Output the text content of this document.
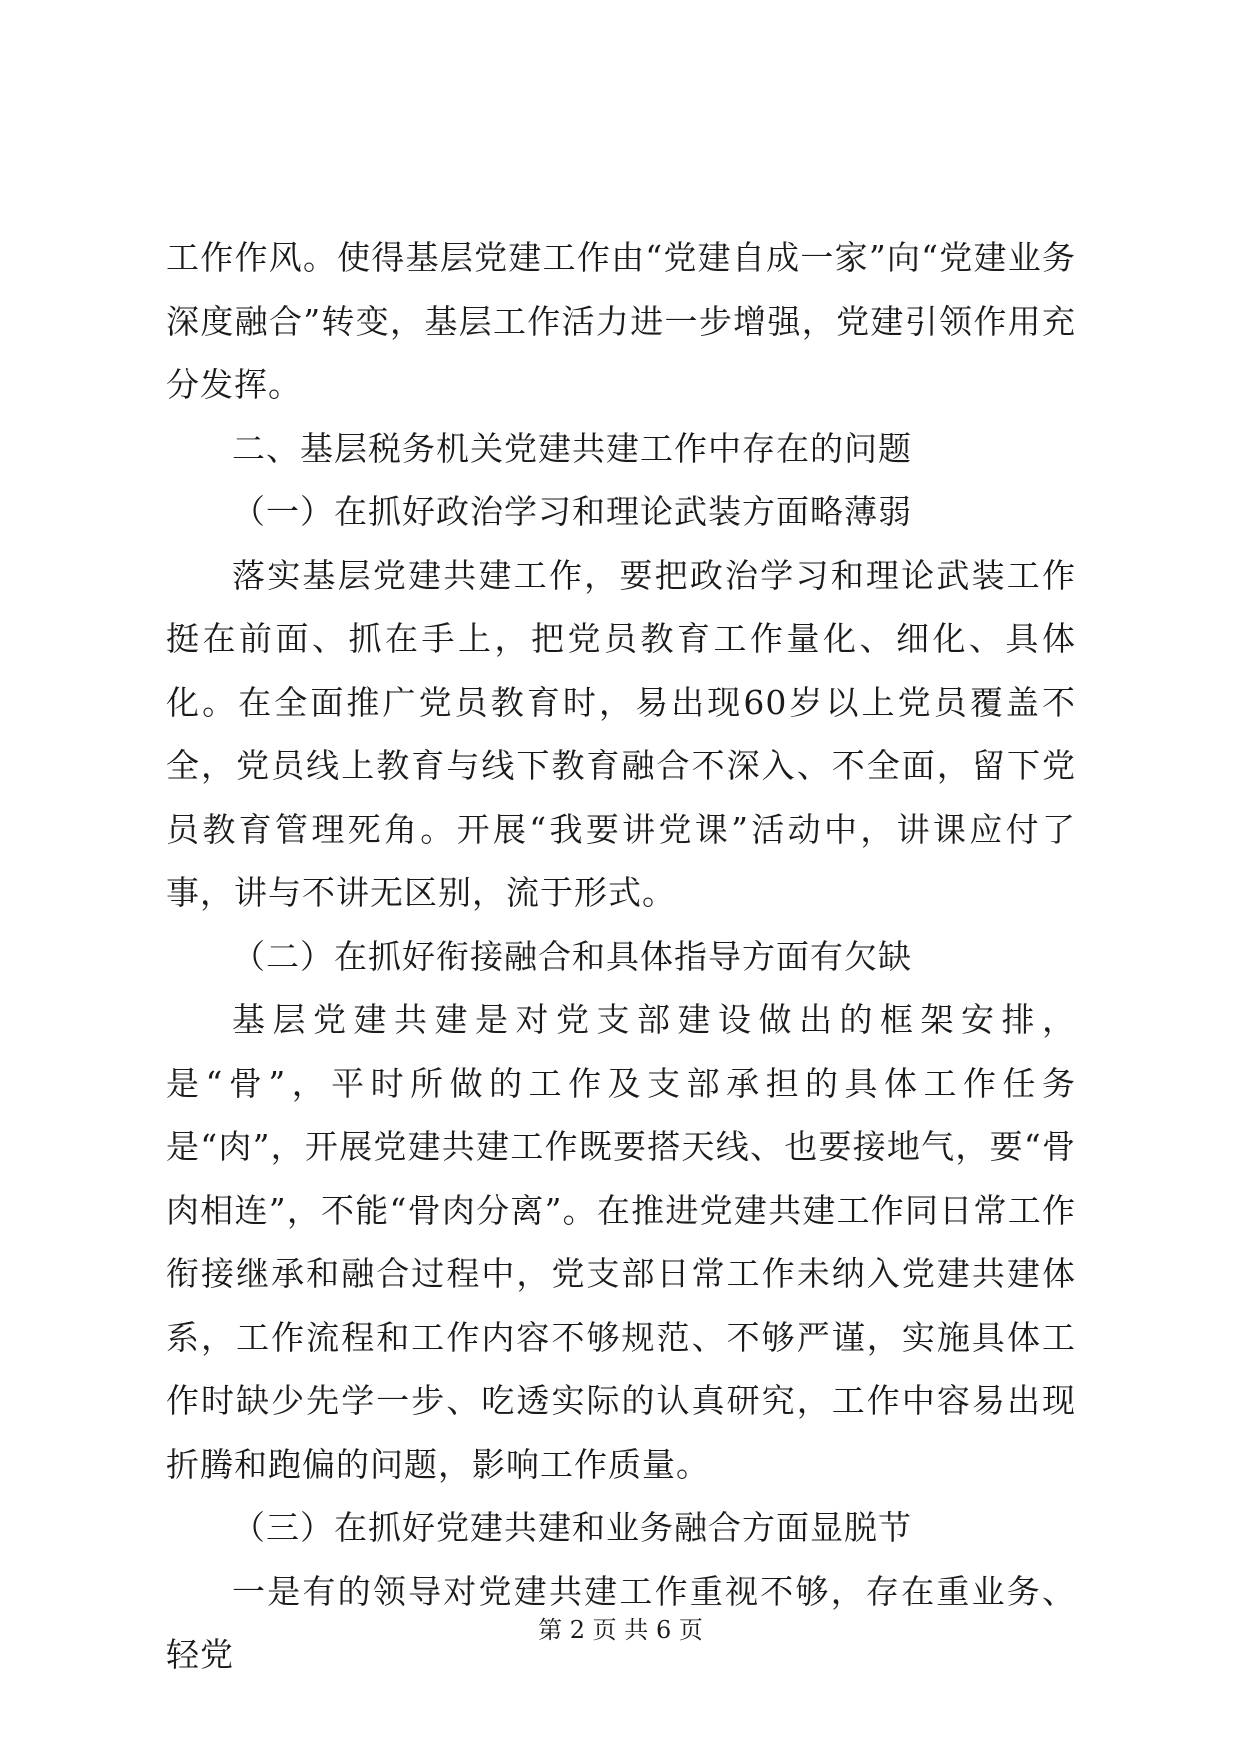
工作作风。使得基层党建工作由“党建自成一家”向“党建业务深度融合”转变，基层工作活力进一步增强，党建引领作用充分发挥。

二、基层税务机关党建共建工作中存在的问题

（一）在抓好政治学习和理论武装方面略薄弱

落实基层党建共建工作，要把政治学习和理论武装工作挺在前面、抓在手上，把党员教育工作量化、细化、具体化。在全面推广党员教育时，易出现60岁以上党员覆盖不全，党员线上教育与线下教育融合不深入、不全面，留下党员教育管理死角。开展“我要讲党课”活动中，讲课应付了事，讲与不讲无区别，流于形式。

（二）在抓好衔接融合和具体指导方面有欠缺

基层党建共建是对党支部建设做出的框架安排，是“骨”，平时所做的工作及支部承担的具体工作任务是“肉”，开展党建共建工作既要搭天线、也要接地气，要“骨肉相连”，不能“骨肉分离”。在推进党建共建工作同日常工作衔接继承和融合过程中，党支部日常工作未纳入党建共建体系，工作流程和工作内容不够规范、不够严谨，实施具体工作时缺少先学一步、吃透实际的认真研究，工作中容易出现折腾和跑偏的问题，影响工作质量。

（三）在抓好党建共建和业务融合方面显脱节

一是有的领导对党建共建工作重视不够，存在重业务、轻党

第 2 页 共 6 页
